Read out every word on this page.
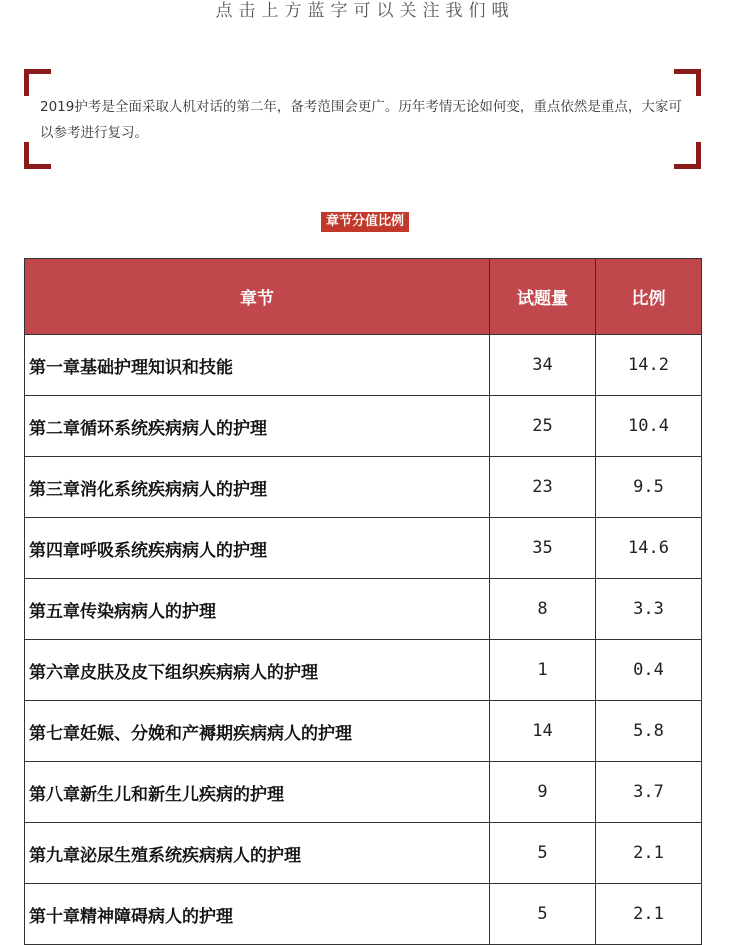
点击上方蓝字可以关注我们哦
2019护考是全面采取人机对话的第二年，备考范围会更广。历年考情无论如何变，重点依然是重点，大家可以参考进行复习。
章节分值比例
章节	试题量	比例
第一章基础护理知识和技能	34	14.2
第二章循环系统疾病病人的护理	25	10.4
第三章消化系统疾病病人的护理	23	9.5
第四章呼吸系统疾病病人的护理	35	14.6
第五章传染病病人的护理	8	3.3
第六章皮肤及皮下组织疾病病人的护理	1	0.4
第七章妊娠、分娩和产褥期疾病病人的护理	14	5.8
第八章新生儿和新生儿疾病的护理	9	3.7
第九章泌尿生殖系统疾病病人的护理	5	2.1
第十章精神障碍病人的护理	5	2.1
